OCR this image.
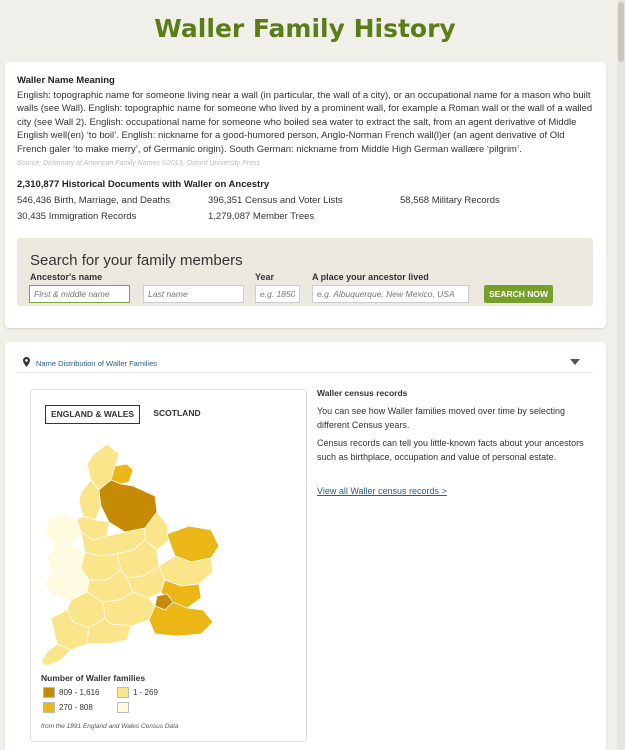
Waller Family History
Waller Name Meaning

English: topographic name for someone living near a wall (in particular, the wall of a city), or an occupational name for a mason who built walls (see Wall). English: topographic name for someone who lived by a prominent wall, for example a Roman wall or the wall of a walled city (see Wall 2). English: occupational name for someone who boiled sea water to extract the salt, from an agent derivative of Middle English well(en) ‘to boil’. English: nickname for a good-humored person, Anglo-Norman French wall(l)er (an agent derivative of Old French galer ‘to make merry’, of Germanic origin). South German: nickname from Middle High German wallære ‘pilgrim’.

Source: Dictionary of American Family Names ©2013, Oxford University Press
2,310,877 Historical Documents with Waller on Ancestry
546,436 Birth, Marriage, and Deaths	396,351 Census and Voter Lists	58,568 Military Records
30,435 Immigration Records	1,279,087 Member Trees
Search for your family members
Ancestor's name	Year	A place your ancestor lived
First & middle name
Last name
e.g. 1850
e.g. Albuquerque, New Mexico, USA
SEARCH NOW
Name Distribution of Waller Families
ENGLAND & WALES	SCOTLAND
Number of Waller families
809 - 1,616
270 - 808
1 - 269
from the 1891 England and Wales Census Data
Waller census records
You can see how Waller families moved over time by selecting different Census years.
Census records can tell you little-known facts about your ancestors such as birthplace, occupation and value of personal estate.
View all Waller census records >
